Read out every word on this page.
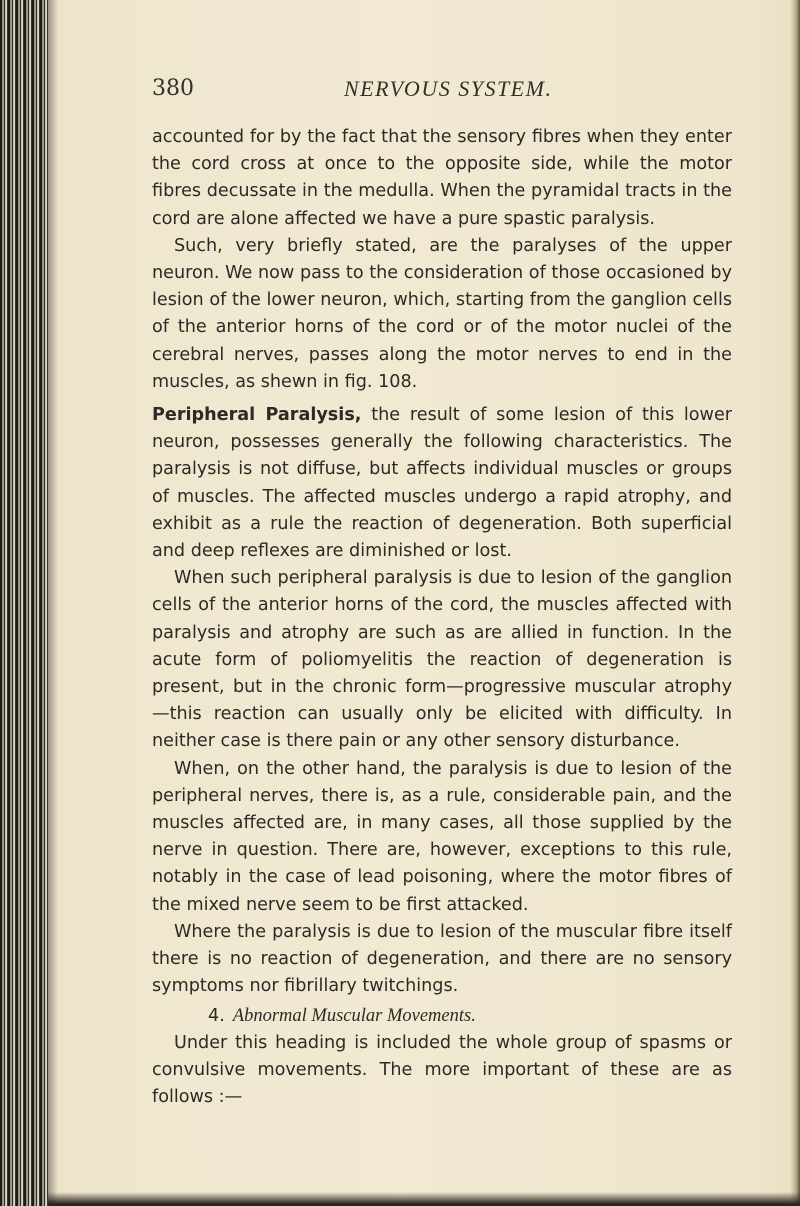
380	NERVOUS SYSTEM.

accounted for by the fact that the sensory fibres when they enter the cord cross at once to the opposite side, while the motor fibres decussate in the medulla. When the pyramidal tracts in the cord are alone affected we have a pure spastic paralysis.

Such, very briefly stated, are the paralyses of the upper neuron. We now pass to the consideration of those occasioned by lesion of the lower neuron, which, starting from the ganglion cells of the anterior horns of the cord or of the motor nuclei of the cerebral nerves, passes along the motor nerves to end in the muscles, as shewn in fig. 108.

Peripheral Paralysis, the result of some lesion of this lower neuron, possesses generally the following characteristics. The paralysis is not diffuse, but affects individual muscles or groups of muscles. The affected muscles undergo a rapid atrophy, and exhibit as a rule the reaction of degeneration. Both superficial and deep reflexes are diminished or lost.

When such peripheral paralysis is due to lesion of the ganglion cells of the anterior horns of the cord, the muscles affected with paralysis and atrophy are such as are allied in function. In the acute form of poliomyelitis the reaction of degeneration is present, but in the chronic form—progressive muscular atrophy —this reaction can usually only be elicited with difficulty. In neither case is there pain or any other sensory disturbance.

When, on the other hand, the paralysis is due to lesion of the peripheral nerves, there is, as a rule, considerable pain, and the muscles affected are, in many cases, all those supplied by the nerve in question. There are, however, exceptions to this rule, notably in the case of lead poisoning, where the motor fibres of the mixed nerve seem to be first attacked.

Where the paralysis is due to lesion of the muscular fibre itself there is no reaction of degeneration, and there are no sensory symptoms nor fibrillary twitchings.

4. Abnormal Muscular Movements.

Under this heading is included the whole group of spasms or convulsive movements. The more important of these are as follows :—
